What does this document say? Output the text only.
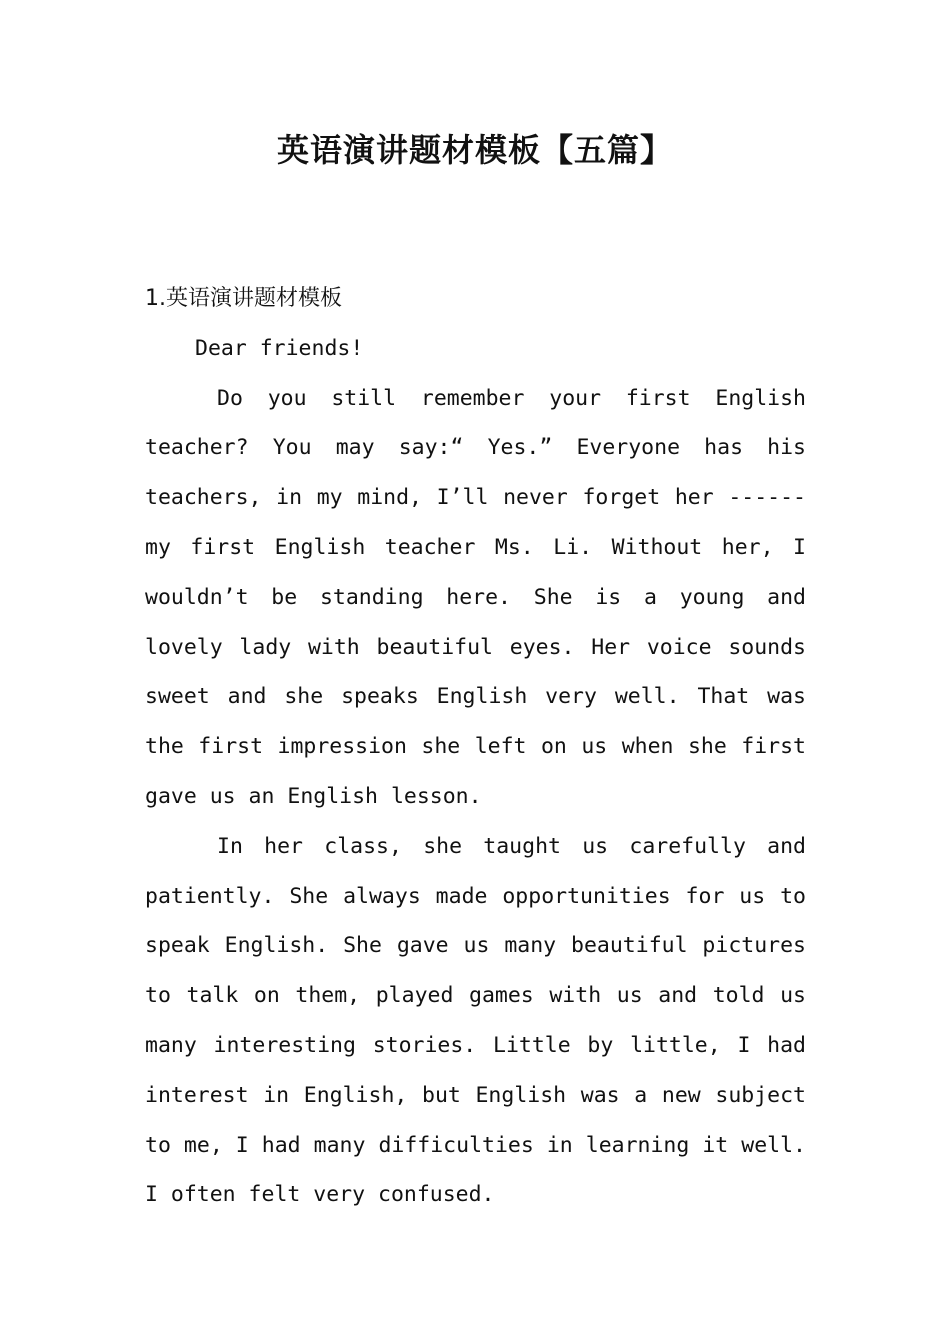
英语演讲题材模板【五篇】

1.英语演讲题材模板

Dear friends!

Do you still remember your first English teacher? You may say:“ Yes.” Everyone has his teachers, in my mind, I’ll never forget her ------ my first English teacher Ms. Li. Without her, I wouldn’t be standing here. She is a young and lovely lady with beautiful eyes. Her voice sounds sweet and she speaks English very well. That was the first impression she left on us when she first gave us an English lesson.

In her class, she taught us carefully and patiently. She always made opportunities for us to speak English. She gave us many beautiful pictures to talk on them, played games with us and told us many interesting stories. Little by little, I had interest in English, but English was a new subject to me, I had many difficulties in learning it well. I often felt very confused.
